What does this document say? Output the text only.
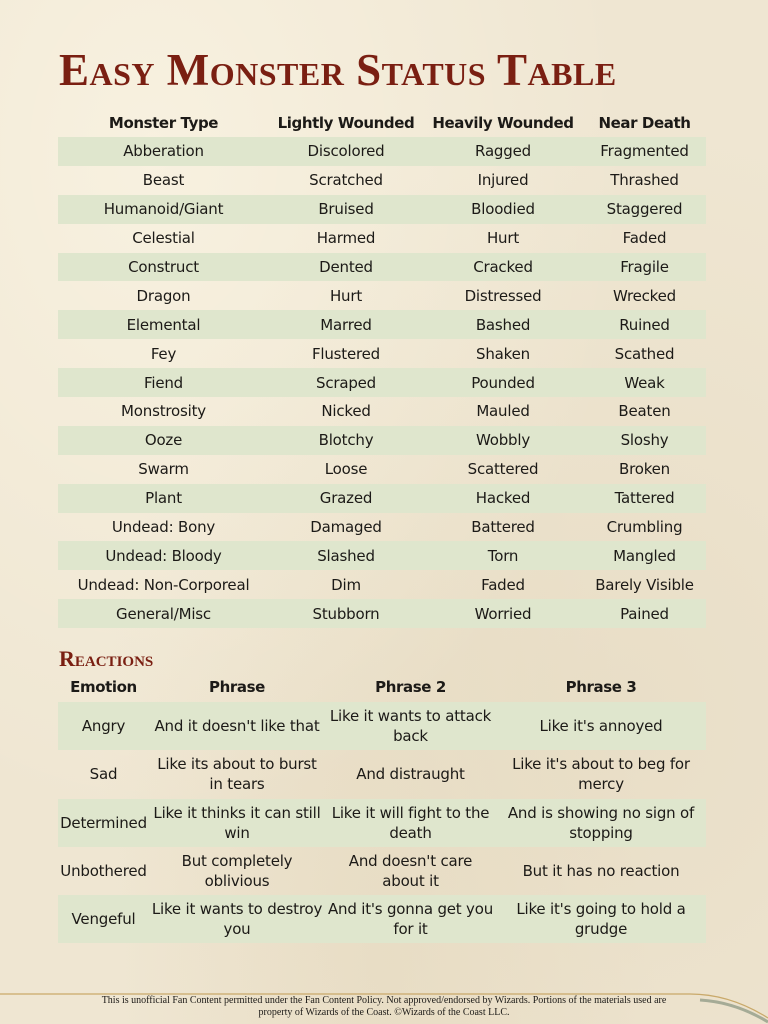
Easy Monster Status Table
Monster Type	Lightly Wounded	Heavily Wounded	Near Death
Abberation	Discolored	Ragged	Fragmented
Beast	Scratched	Injured	Thrashed
Humanoid/Giant	Bruised	Bloodied	Staggered
Celestial	Harmed	Hurt	Faded
Construct	Dented	Cracked	Fragile
Dragon	Hurt	Distressed	Wrecked
Elemental	Marred	Bashed	Ruined
Fey	Flustered	Shaken	Scathed
Fiend	Scraped	Pounded	Weak
Monstrosity	Nicked	Mauled	Beaten
Ooze	Blotchy	Wobbly	Sloshy
Swarm	Loose	Scattered	Broken
Plant	Grazed	Hacked	Tattered
Undead: Bony	Damaged	Battered	Crumbling
Undead: Bloody	Slashed	Torn	Mangled
Undead: Non-Corporeal	Dim	Faded	Barely Visible
General/Misc	Stubborn	Worried	Pained
Reactions
Emotion	Phrase	Phrase 2	Phrase 3
Angry	And it doesn't like that	Like it wants to attack back	Like it's annoyed
Sad	Like its about to burst in tears	And distraught	Like it's about to beg for mercy
Determined	Like it thinks it can still win	Like it will fight to the death	And is showing no sign of stopping
Unbothered	But completely oblivious	And doesn't care about it	But it has no reaction
Vengeful	Like it wants to destroy you	And it's gonna get you for it	Like it's going to hold a grudge
This is unofficial Fan Content permitted under the Fan Content Policy. Not approved/endorsed by Wizards. Portions of the materials used are
property of Wizards of the Coast. ©Wizards of the Coast LLC.
